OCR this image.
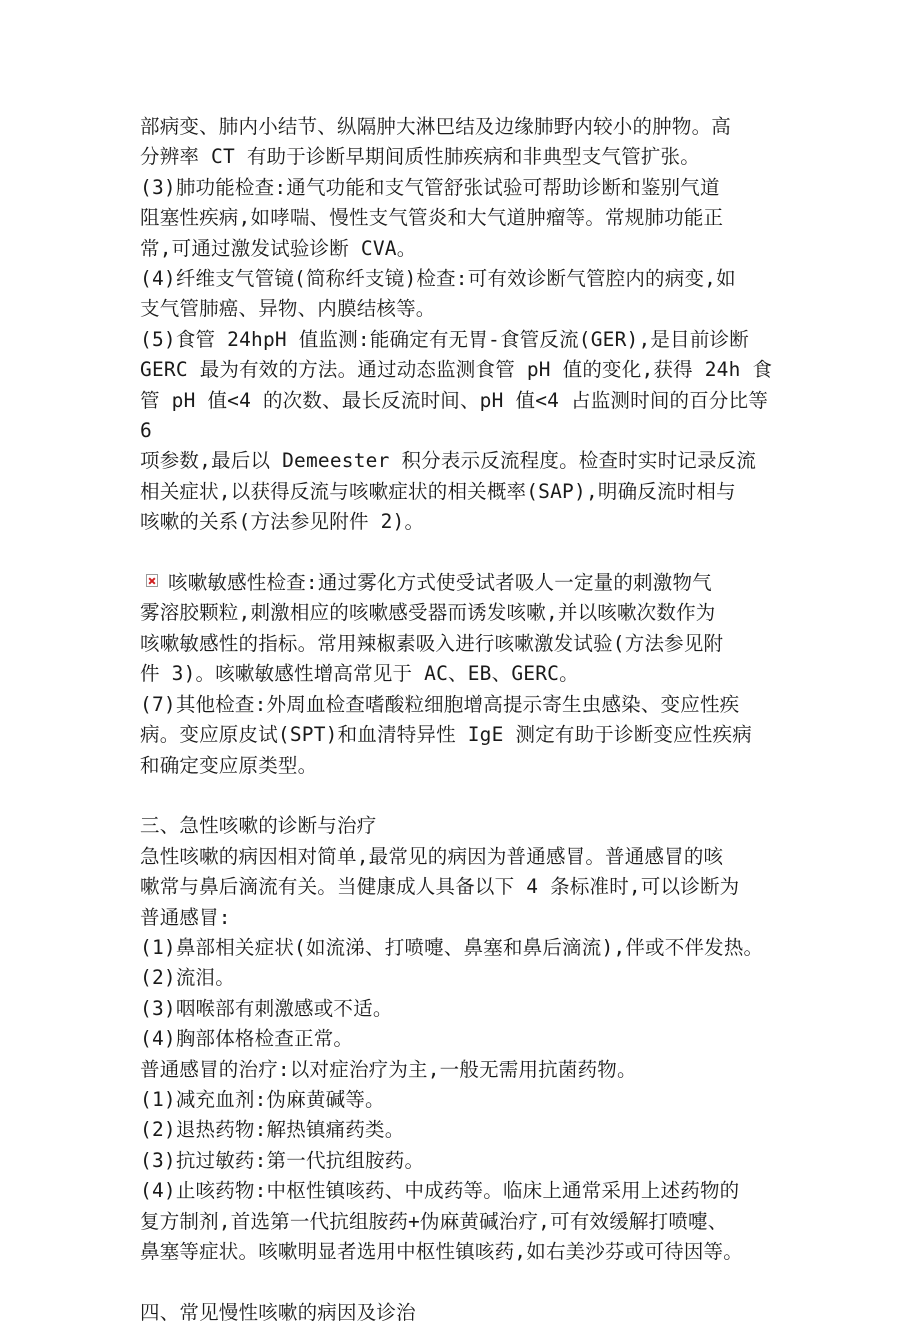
部病变、肺内小结节、纵隔肿大淋巴结及边缘肺野内较小的肿物。高

分辨率 CT 有助于诊断早期间质性肺疾病和非典型支气管扩张。

(3)肺功能检查:通气功能和支气管舒张试验可帮助诊断和鉴别气道

阻塞性疾病,如哮喘、慢性支气管炎和大气道肿瘤等。常规肺功能正

常,可通过激发试验诊断 CVA。

(4)纤维支气管镜(简称纤支镜)检查:可有效诊断气管腔内的病变,如

支气管肺癌、异物、内膜结核等。

(5)食管 24hpH 值监测:能确定有无胃-食管反流(GER),是目前诊断

GERC 最为有效的方法。通过动态监测食管 pH 值的变化,获得 24h 食

管 pH 值<4 的次数、最长反流时间、pH 值<4 占监测时间的百分比等 6

项参数,最后以 Demeester 积分表示反流程度。检查时实时记录反流

相关症状,以获得反流与咳嗽症状的相关概率(SAP),明确反流时相与

咳嗽的关系(方法参见附件 2)。

咳嗽敏感性检查:通过雾化方式使受试者吸人一定量的刺激物气

雾溶胶颗粒,刺激相应的咳嗽感受器而诱发咳嗽,并以咳嗽次数作为

咳嗽敏感性的指标。常用辣椒素吸入进行咳嗽激发试验(方法参见附

件 3)。咳嗽敏感性增高常见于 AC、EB、GERC。

(7)其他检查:外周血检查嗜酸粒细胞增高提示寄生虫感染、变应性疾

病。变应原皮试(SPT)和血清特异性 IgE 测定有助于诊断变应性疾病

和确定变应原类型。

三、急性咳嗽的诊断与治疗

急性咳嗽的病因相对简单,最常见的病因为普通感冒。普通感冒的咳

嗽常与鼻后滴流有关。当健康成人具备以下 4 条标准时,可以诊断为

普通感冒:

(1)鼻部相关症状(如流涕、打喷嚏、鼻塞和鼻后滴流),伴或不伴发热。

(2)流泪。

(3)咽喉部有刺激感或不适。

(4)胸部体格检查正常。

普通感冒的治疗:以对症治疗为主,一般无需用抗菌药物。

(1)减充血剂:伪麻黄碱等。

(2)退热药物:解热镇痛药类。

(3)抗过敏药:第一代抗组胺药。

(4)止咳药物:中枢性镇咳药、中成药等。临床上通常采用上述药物的

复方制剂,首选第一代抗组胺药+伪麻黄碱治疗,可有效缓解打喷嚏、

鼻塞等症状。咳嗽明显者选用中枢性镇咳药,如右美沙芬或可待因等。

四、常见慢性咳嗽的病因及诊治
